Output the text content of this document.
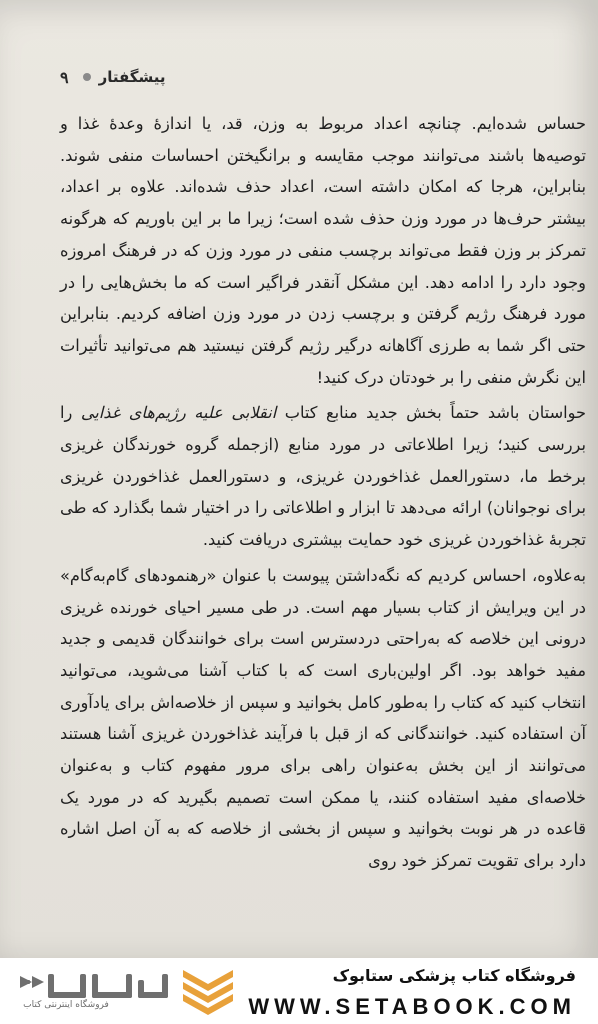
۹ پیشگفتار

حساس شده‌ایم. چنانچه اعداد مربوط به وزن، قد، یا اندازهٔ وعدهٔ غذا و توصیه‌ها باشند می‌توانند موجب مقایسه و برانگیختن احساسات منفی شوند. بنابراین، هرجا که امکان داشته است، اعداد حذف شده‌اند. علاوه بر اعداد، بیشتر حرف‌ها در مورد وزن حذف شده است؛ زیرا ما بر این باوریم که هرگونه تمرکز بر وزن فقط می‌تواند برچسب منفی در مورد وزن که در فرهنگ امروزه وجود دارد را ادامه دهد. این مشکل آنقدر فراگیر است که ما بخش‌هایی را در مورد فرهنگ رژیم گرفتن و برچسب زدن در مورد وزن اضافه کردیم. بنابراین حتی اگر شما به طرزی آگاهانه درگیر رژیم گرفتن نیستید هم می‌توانید تأثیرات این نگرش منفی را بر خودتان درک کنید!

حواستان باشد حتماً بخش جدید منابع کتاب انقلابی علیه رژیم‌های غذایی را بررسی کنید؛ زیرا اطلاعاتی در مورد منابع (ازجمله گروه خورندگان غریزی برخط ما، دستورالعمل غذاخوردن غریزی، و دستورالعمل غذاخوردن غریزی برای نوجوانان) ارائه می‌دهد تا ابزار و اطلاعاتی را در اختیار شما بگذارد که طی تجربهٔ غذاخوردن غریزی خود حمایت بیشتری دریافت کنید.

به‌علاوه، احساس کردیم که نگه‌داشتن پیوست با عنوان «رهنمودهای گام‌به‌گام» در این ویرایش از کتاب بسیار مهم است. در طی مسیر احیای خورنده غریزی درونی این خلاصه که به‌راحتی دردسترس است برای خوانندگان قدیمی و جدید مفید خواهد بود. اگر اولین‌باری است که با کتاب آشنا می‌شوید، می‌توانید انتخاب کنید که کتاب را به‌طور کامل بخوانید و سپس از خلاصه‌اش برای یادآوری آن استفاده کنید. خوانندگانی که از قبل با فرآیند غذاخوردن غریزی آشنا هستند می‌توانند از این بخش به‌عنوان راهی برای مرور مفهوم کتاب و به‌عنوان خلاصه‌ای مفید استفاده کنند، یا ممکن است تصمیم بگیرید که در مورد یک قاعده در هر نوبت بخوانید و سپس از بخشی از خلاصه که به آن اصل اشاره دارد برای تقویت تمرکز خود روی

فروشگاه اینترنتی کتاب
فروشگاه کتاب پزشکی ستابوک
WWW.SETABOOK.COM
